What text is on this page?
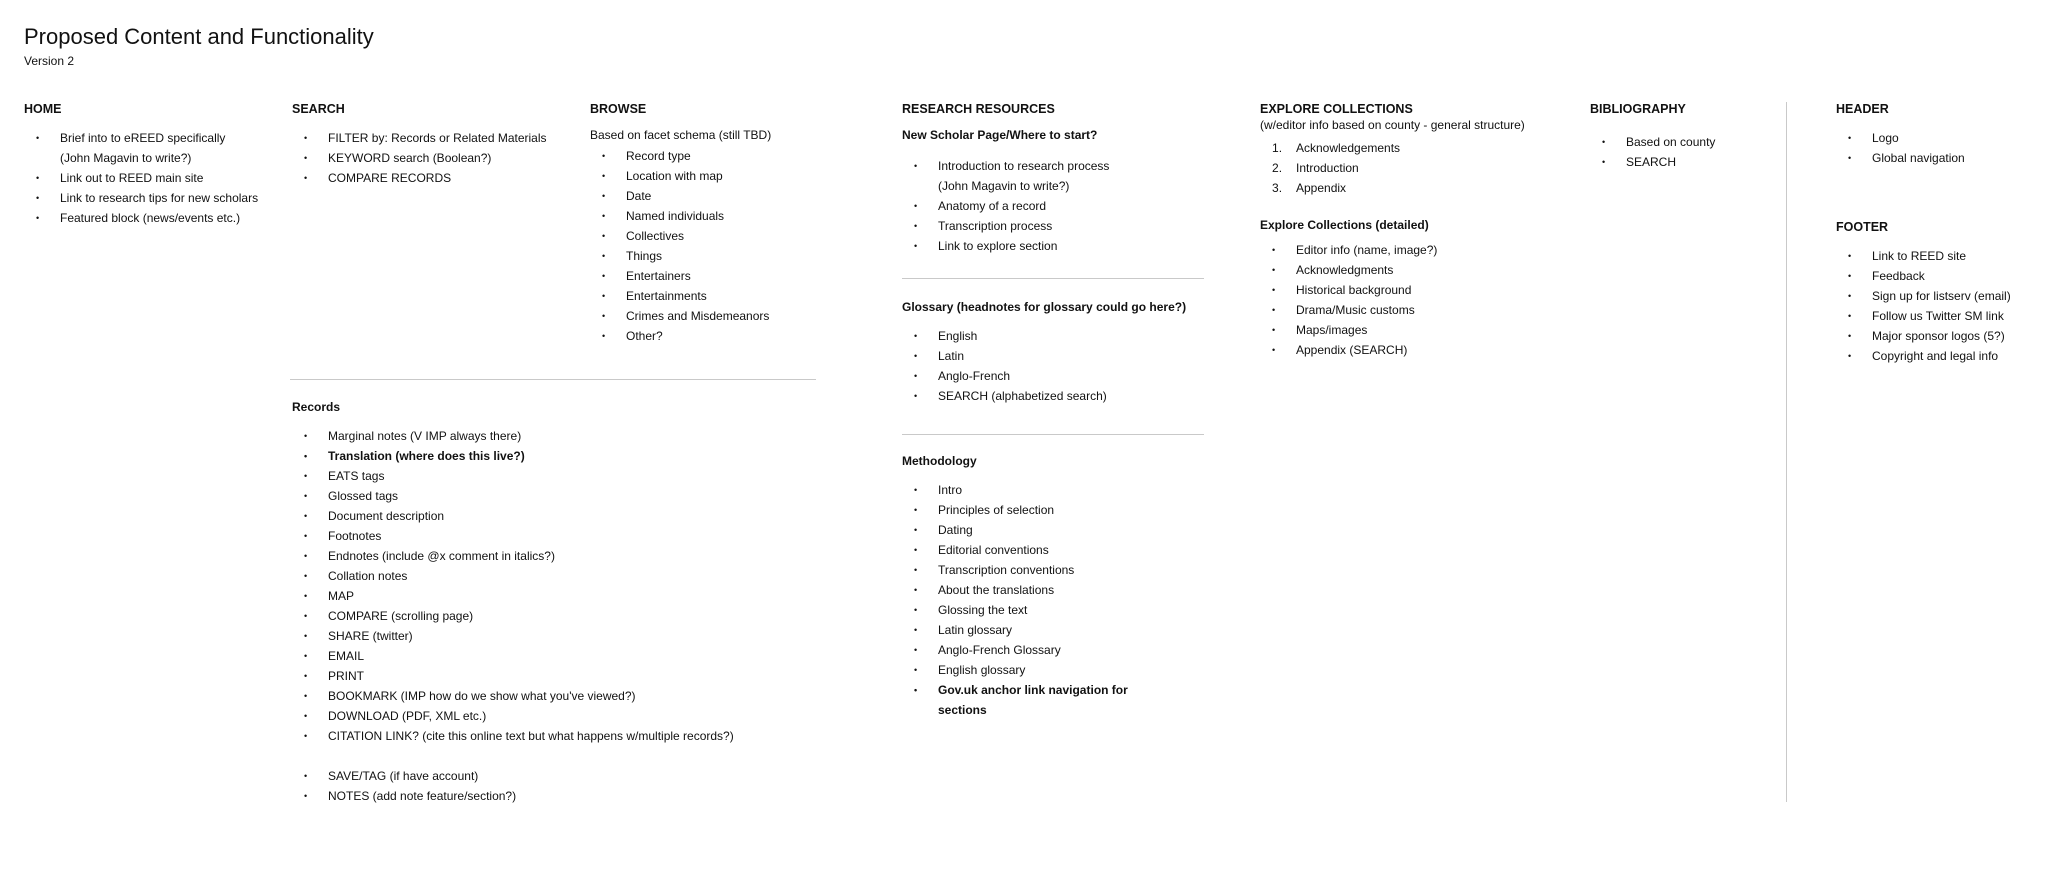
Proposed Content and Functionality
Version 2
HOME
• Brief into to eREED specifically (John Magavin to write?)
• Link out to REED main site
• Link to research tips for new scholars
• Featured block (news/events etc.)
SEARCH
• FILTER by: Records or Related Materials
• KEYWORD search (Boolean?)
• COMPARE RECORDS
BROWSE
Based on facet schema (still TBD)
• Record type
• Location with map
• Date
• Named individuals
• Collectives
• Things
• Entertainers
• Entertainments
• Crimes and Misdemeanors
• Other?
Records
• Marginal notes (V IMP always there)
• Translation (where does this live?)
• EATS tags
• Glossed tags
• Document description
• Footnotes
• Endnotes (include @x comment in italics?)
• Collation notes
• MAP
• COMPARE (scrolling page)
• SHARE (twitter)
• EMAIL
• PRINT
• BOOKMARK (IMP how do we show what you've viewed?)
• DOWNLOAD (PDF, XML etc.)
• CITATION LINK? (cite this online text but what happens w/multiple records?)
• SAVE/TAG (if have account)
• NOTES (add note feature/section?)
RESEARCH RESOURCES
New Scholar Page/Where to start?
• Introduction to research process (John Magavin to write?)
• Anatomy of a record
• Transcription process
• Link to explore section
Glossary (headnotes for glossary could go here?)
• English
• Latin
• Anglo-French
• SEARCH (alphabetized search)
Methodology
• Intro
• Principles of selection
• Dating
• Editorial conventions
• Transcription conventions
• About the translations
• Glossing the text
• Latin glossary
• Anglo-French Glossary
• English glossary
• Gov.uk anchor link navigation for sections
EXPLORE COLLECTIONS
(w/editor info based on county - general structure)
Acknowledgements
Introduction
Appendix
Explore Collections (detailed)
• Editor info (name, image?)
• Acknowledgments
• Historical background
• Drama/Music customs
• Maps/images
• Appendix (SEARCH)
BIBLIOGRAPHY
• Based on county
• SEARCH
HEADER
• Logo
• Global navigation
FOOTER
• Link to REED site
• Feedback
• Sign up for listserv (email)
• Follow us Twitter SM link
• Major sponsor logos (5?)
• Copyright and legal info
